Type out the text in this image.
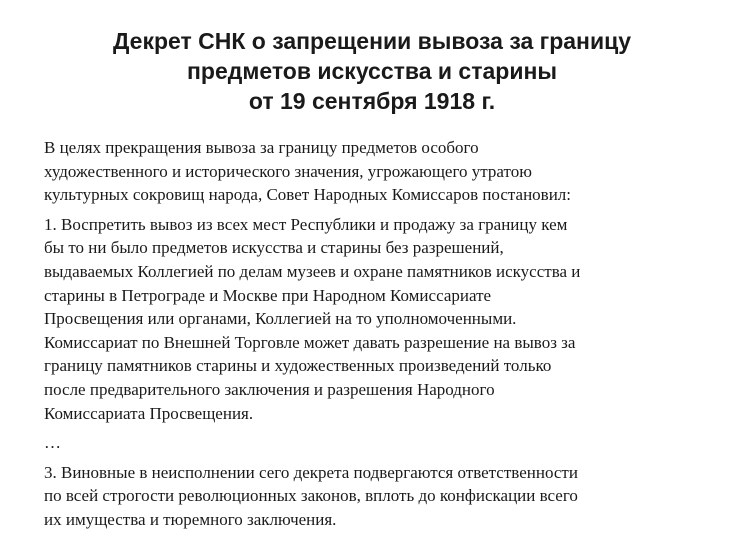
Декрет СНК о запрещении вывоза за границу
предметов искусства и старины
от 19 сентября 1918 г.

В целях прекращения вывоза за границу предметов особого
художественного и исторического значения, угрожающего утратою
культурных сокровищ народа, Совет Народных Комиссаров постановил:

1. Воспретить вывоз из всех мест Республики и продажу за границу кем
бы то ни было предметов искусства и старины без разрешений,
выдаваемых Коллегией по делам музеев и охране памятников искусства и
старины в Петрограде и Москве при Народном Комиссариате
Просвещения или органами, Коллегией на то уполномоченными.
Комиссариат по Внешней Торговле может давать разрешение на вывоз за
границу памятников старины и художественных произведений только
после предварительного заключения и разрешения Народного
Комиссариата Просвещения.

…

3. Виновные в неисполнении сего декрета подвергаются ответственности
по всей строгости революционных законов, вплоть до конфискации всего
их имущества и тюремного заключения.
